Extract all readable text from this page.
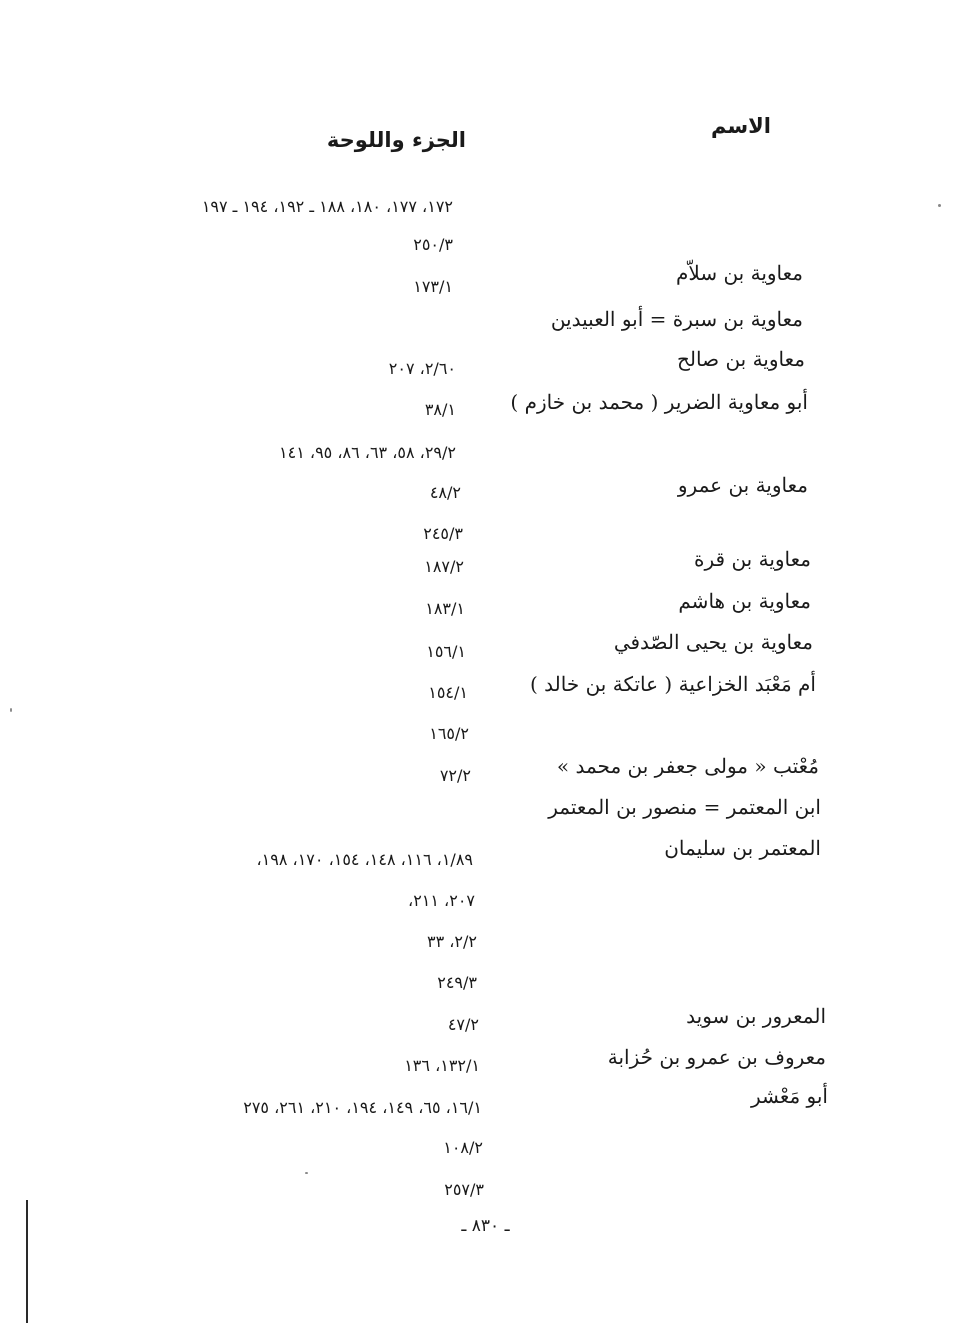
الاسم
الجزء واللوحة
١٧٢، ١٧٧، ١٨٠، ١٨٨ ـ ١٩٢، ١٩٤ ـ ١٩٧
٢٥٠/٣
معاوية بن سلاّم
١٧٣/١
معاوية بن سبرة = أبو العبيدين
معاوية بن صالح
٢/٦٠، ٢٠٧
أبو معاوية الضرير ( محمد بن خازم )
٣٨/١
٢٩/٢، ٥٨، ٦٣، ٨٦، ٩٥، ١٤١
معاوية بن عمرو
٤٨/٢
٢٤٥/٣
معاوية بن قرة
١٨٧/٢
معاوية بن هاشم
١٨٣/١
معاوية بن يحيى الصّدفي
١٥٦/١
أم مَعْبَد الخزاعية ( عاتكة بن خالد )
١٥٤/١
١٦٥/٢
مُعْتب « مولى جعفر بن محمد »
٧٢/٢
ابن المعتمر = منصور بن المعتمر
المعتمر بن سليمان
١/٨٩، ١١٦، ١٤٨، ١٥٤، ١٧٠، ١٩٨،
٢٠٧، ٢١١،
٢/٢، ٣٣
٢٤٩/٣
المعرور بن سويد
٤٧/٢
معروف بن عمرو بن حُزابة
١٣٢/١، ١٣٦
أبو مَعْشر
١٦/١، ٦٥، ١٤٩، ١٩٤، ٢١٠، ٢٦١، ٢٧٥
١٠٨/٢
٢٥٧/٣
ـ ٨٣٠ ـ
